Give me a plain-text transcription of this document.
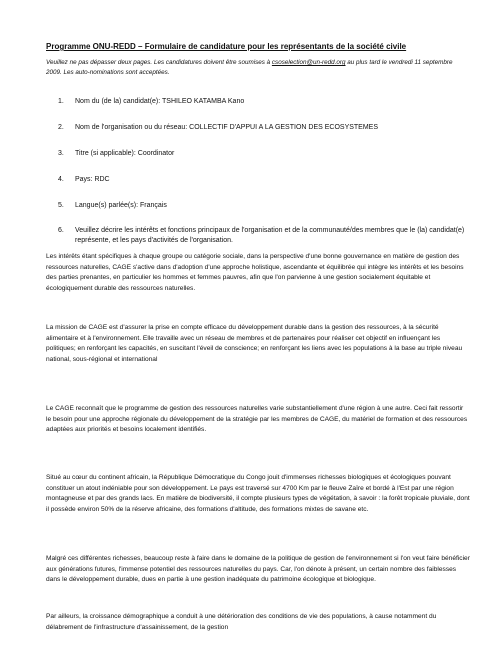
Programme ONU-REDD – Formulaire de candidature pour les représentants de la société civile
Veuillez ne pas dépasser deux pages. Les candidatures doivent être soumises à csoselection@un-redd.org au plus tard le vendredi 11 septembre 2009. Les auto-nominations sont acceptées.
1. Nom du (de la) candidat(e): TSHILEO KATAMBA Kano
2. Nom de l'organisation ou du réseau: COLLECTIF D'APPUI A LA GESTION DES ECOSYSTEMES
3. Titre (si applicable): Coordinator
4. Pays: RDC
5. Langue(s) parlée(s): Français
6. Veuillez décrire les intérêts et fonctions principaux de l'organisation et de la communauté/des membres que le (la) candidat(e) représente, et les pays d'activités de l'organisation.
Les intérêts étant spécifiques à chaque groupe ou catégorie sociale, dans la perspective d'une bonne gouvernance en matière de gestion des ressources naturelles, CAGE s'active dans d'adoption d'une approche holistique, ascendante et équilibrée qui intègre les intérêts et les besoins des parties prenantes, en particulier les hommes et femmes pauvres, afin que l'on parvienne à une gestion socialement équitable et écologiquement durable des ressources naturelles.
La mission de CAGE est d'assurer la prise en compte efficace du développement durable dans la gestion des ressources, à la sécurité alimentaire et à l'environnement. Elle travaille avec un réseau de membres et de partenaires pour réaliser cet objectif en influençant les politiques; en renforçant les capacités, en suscitant l'éveil de conscience; en renforçant les liens avec les populations à la base au triple niveau national, sous-régional et international
Le CAGE reconnaît que le programme de gestion des ressources naturelles varie substantiellement d'une région à une autre. Ceci fait ressortir le besoin pour une approche régionale du développement de la stratégie par les membres de CAGE, du matériel de formation et des ressources adaptées aux priorités et besoins localement identifiés.
Situé au cœur du continent africain, la République Démocratique du Congo jouit d'immenses richesses biologiques et écologiques pouvant constituer un atout indéniable pour son développement. Le pays est traversé sur 4700 Km par le fleuve Zaïre et bordé à l'Est par une région montagneuse et par des grands lacs. En matière de biodiversité, il compte plusieurs types de végétation, à savoir : la forêt tropicale pluviale, dont il possède environ 50% de la réserve africaine, des formations d'altitude, des formations mixtes de savane etc.
Malgré ces différentes richesses, beaucoup reste à faire dans le domaine de la politique de gestion de l'environnement si l'on veut faire bénéficier aux générations futures, l'immense potentiel des ressources naturelles du pays. Car, l'on dénote à présent, un certain nombre des faiblesses dans le développement durable, dues en partie à une gestion inadéquate du patrimoine écologique et biologique.
Par ailleurs, la croissance démographique a conduit à une détérioration des conditions de vie des populations, à cause notamment du délabrement de l'infrastructure d'assainissement, de la gestion
